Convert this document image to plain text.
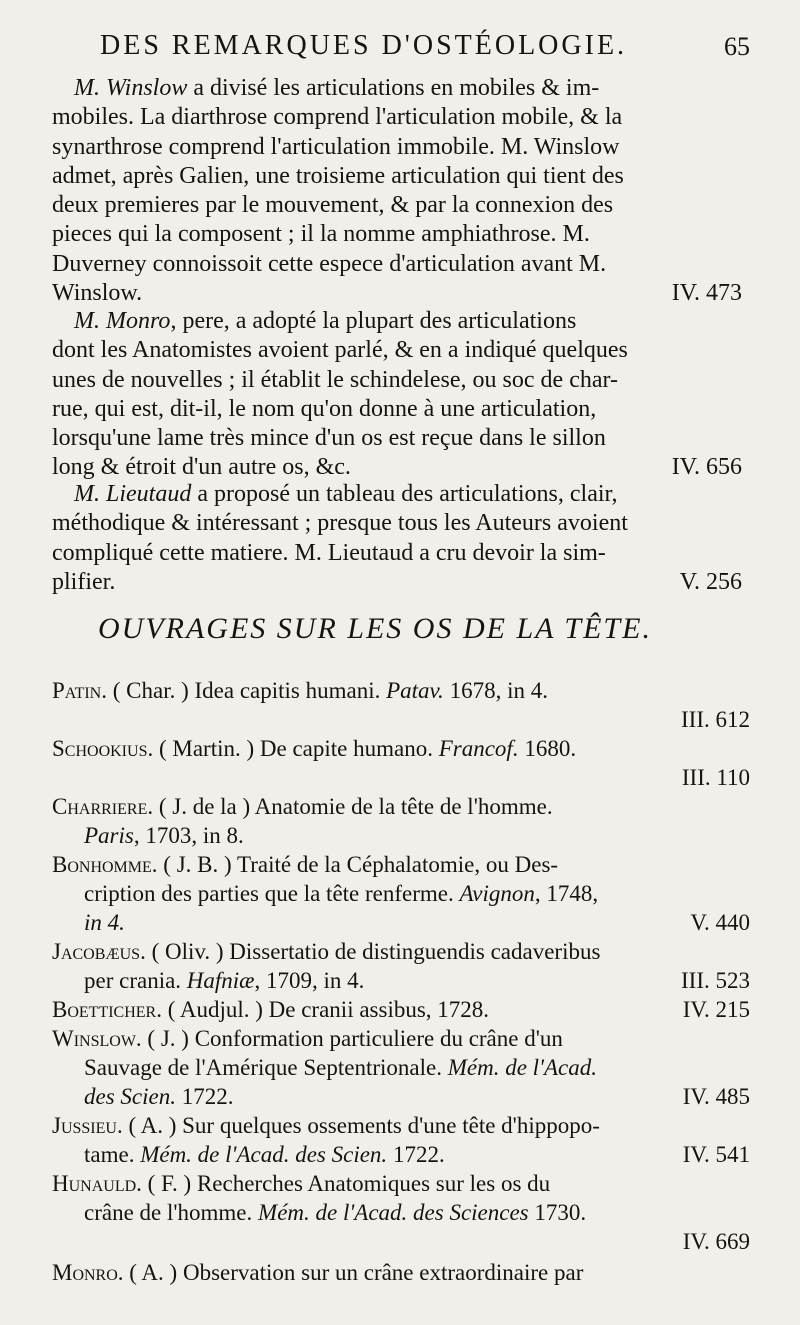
DES REMARQUES D'OSTÉOLOGIE.	65
M. Winslow a divisé les articulations en mobiles & im-
mobiles. La diarthrose comprend l'articulation mobile, & la
synarthrose comprend l'articulation immobile. M. Winslow
admet, après Galien, une troisieme articulation qui tient des
deux premieres par le mouvement, & par la connexion des
pieces qui la composent ; il la nomme amphiathrose. M.
Duverney connoissoit cette espece d'articulation avant M.
Winslow.	IV. 473
M. Monro, pere, a adopté la plupart des articulations
dont les Anatomistes avoient parlé, & en a indiqué quelques
unes de nouvelles ; il établit le schindelese, ou soc de char-
rue, qui est, dit-il, le nom qu'on donne à une articulation,
lorsqu'une lame très mince d'un os est reçue dans le sillon
long & étroit d'un autre os, &c.	IV. 656
M. Lieutaud a proposé un tableau des articulations, clair,
méthodique & intéressant ; presque tous les Auteurs avoient
compliqué cette matiere. M. Lieutaud a cru devoir la sim-
plifier.	V. 256
OUVRAGES SUR LES OS DE LA TÊTE.
Patin. ( Char. ) Idea capitis humani. Patav. 1678, in 4.
III. 612
Schookius. ( Martin. ) De capite humano. Francof. 1680.
III. 110
Charriere. ( J. de la ) Anatomie de la tête de l'homme.
Paris, 1703, in 8.
Bonhomme. ( J. B. ) Traité de la Céphalatomie, ou Des-
cription des parties que la tête renferme. Avignon, 1748,
in 4.	V. 440
Jacobæus. ( Oliv. ) Dissertatio de distinguendis cadaveribus
per crania. Hafniæ, 1709, in 4.	III. 523
Boetticher. ( Audjul. ) De cranii assibus, 1728.	IV. 215
Winslow. ( J. ) Conformation particuliere du crâne d'un
Sauvage de l'Amérique Septentrionale. Mém. de l'Acad.
des Scien. 1722.	IV. 485
Jussieu. ( A. ) Sur quelques ossements d'une tête d'hippopo-
tame. Mém. de l'Acad. des Scien. 1722.	IV. 541
Hunauld. ( F. ) Recherches Anatomiques sur les os du
crâne de l'homme. Mém. de l'Acad. des Sciences 1730.
IV. 669
Monro. ( A. ) Observation sur un crâne extraordinaire par
